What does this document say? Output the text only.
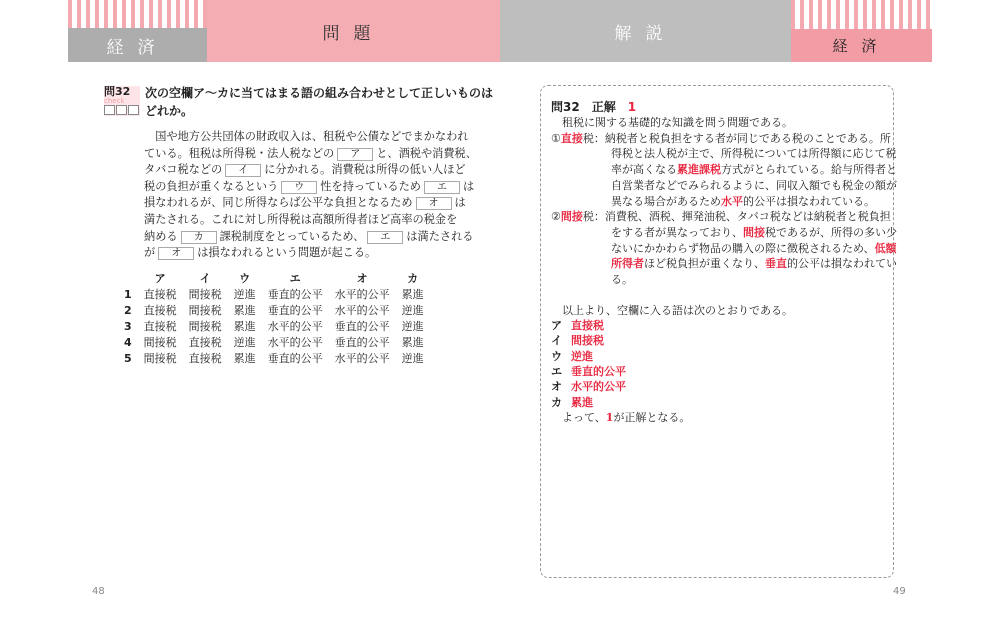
経済
問題	解説
経済
問32
check
次の空欄ア～カに当てはまる語の組み合わせとして正しいものは
どれか。
　国や地方公共団体の財政収入は、租税や公債などでまかなわれ
ている。租税は所得税・法人税などの ア と、酒税や消費税、
タバコ税などの イ に分かれる。消費税は所得の低い人ほど
税の負担が重くなるという ウ 性を持っているため エ は
損なわれるが、同じ所得ならば公平な負担となるため オ は
満たされる。これに対し所得税は高額所得者ほど高率の税金を
納める カ 課税制度をとっているため、 エ は満たされる
が オ は損なわれるという問題が起こる。
	ア	イ	ウ	エ	オ	カ
1	直接税	間接税	逆進	垂直的公平	水平的公平	累進
2	直接税	間接税	累進	垂直的公平	水平的公平	逆進
3	直接税	間接税	累進	水平的公平	垂直的公平	逆進
4	間接税	直接税	逆進	水平的公平	垂直的公平	累進
5	間接税	直接税	累進	垂直的公平	水平的公平	逆進
問32　正解　 1
　租税に関する基礎的な知識を問う問題である。
①直接税：納税者と税負担をする者が同じである税のことである。所
得税と法人税が主で、所得税については所得額に応じて税
率が高くなる累進課税方式がとられている。給与所得者と
自営業者などでみられるように、同収入額でも税金の額が
異なる場合があるため水平的公平は損なわれている。
②間接税：消費税、酒税、揮発油税、タバコ税などは納税者と税負担
をする者が異なっており、間接税であるが、所得の多い少
ないにかかわらず物品の購入の際に徴税されるため、低額
所得者ほど税負担が重くなり、垂直的公平は損なわれてい
る。
　以上より、空欄に入る語は次のとおりである。
ア 直接税
イ 間接税
ウ 逆進
エ 垂直的公平
オ 水平的公平
カ 累進
　よって、1が正解となる。
48	49
